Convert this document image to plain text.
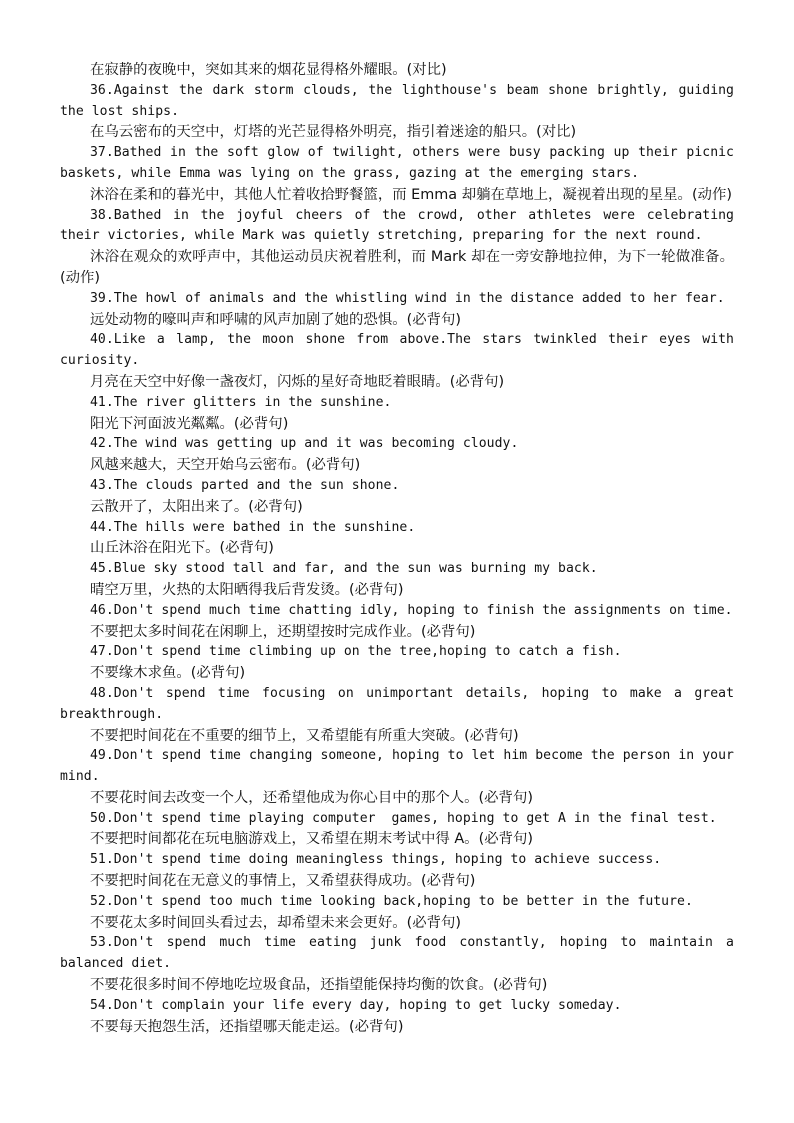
在寂静的夜晚中，突如其来的烟花显得格外耀眼。(对比)

36.Against the dark storm clouds, the lighthouse's beam shone brightly, guiding the lost ships.

在乌云密布的天空中，灯塔的光芒显得格外明亮，指引着迷途的船只。(对比)

37.Bathed in the soft glow of twilight, others were busy packing up their picnic baskets, while Emma was lying on the grass, gazing at the emerging stars.

沐浴在柔和的暮光中，其他人忙着收拾野餐篮，而 Emma 却躺在草地上，凝视着出现的星星。(动作)

38.Bathed in the joyful cheers of the crowd, other athletes were celebrating their victories, while Mark was quietly stretching, preparing for the next round.

沐浴在观众的欢呼声中，其他运动员庆祝着胜利，而 Mark 却在一旁安静地拉伸，为下一轮做准备。(动作)

39.The howl of animals and the whistling wind in the distance added to her fear.

远处动物的嚎叫声和呼啸的风声加剧了她的恐惧。(必背句)

40.Like a lamp, the moon shone from above.The stars twinkled their eyes with curiosity.

月亮在天空中好像一盏夜灯，闪烁的星好奇地眨着眼睛。(必背句)

41.The river glitters in the sunshine.

阳光下河面波光粼粼。(必背句)

42.The wind was getting up and it was becoming cloudy.

风越来越大，天空开始乌云密布。(必背句)

43.The clouds parted and the sun shone.

云散开了，太阳出来了。(必背句)

44.The hills were bathed in the sunshine.

山丘沐浴在阳光下。(必背句)

45.Blue sky stood tall and far, and the sun was burning my back.

晴空万里，火热的太阳晒得我后背发烫。(必背句)

46.Don't spend much time chatting idly, hoping to finish the assignments on time.

不要把太多时间花在闲聊上，还期望按时完成作业。(必背句)

47.Don't spend time climbing up on the tree,hoping to catch a fish.

不要缘木求鱼。(必背句)

48.Don't spend time focusing on unimportant details, hoping to make a great breakthrough.

不要把时间花在不重要的细节上，又希望能有所重大突破。(必背句)

49.Don't spend time changing someone, hoping to let him become the person in your mind.

不要花时间去改变一个人，还希望他成为你心目中的那个人。(必背句)

50.Don't spend time playing computer  games, hoping to get A in the final test.

不要把时间都花在玩电脑游戏上，又希望在期末考试中得 A。(必背句)

51.Don't spend time doing meaningless things, hoping to achieve success.

不要把时间花在无意义的事情上，又希望获得成功。(必背句)

52.Don't spend too much time looking back,hoping to be better in the future.

不要花太多时间回头看过去，却希望未来会更好。(必背句)

53.Don't spend much time eating junk food constantly, hoping to maintain a balanced diet.

不要花很多时间不停地吃垃圾食品，还指望能保持均衡的饮食。(必背句)

54.Don't complain your life every day, hoping to get lucky someday.

不要每天抱怨生活，还指望哪天能走运。(必背句)
